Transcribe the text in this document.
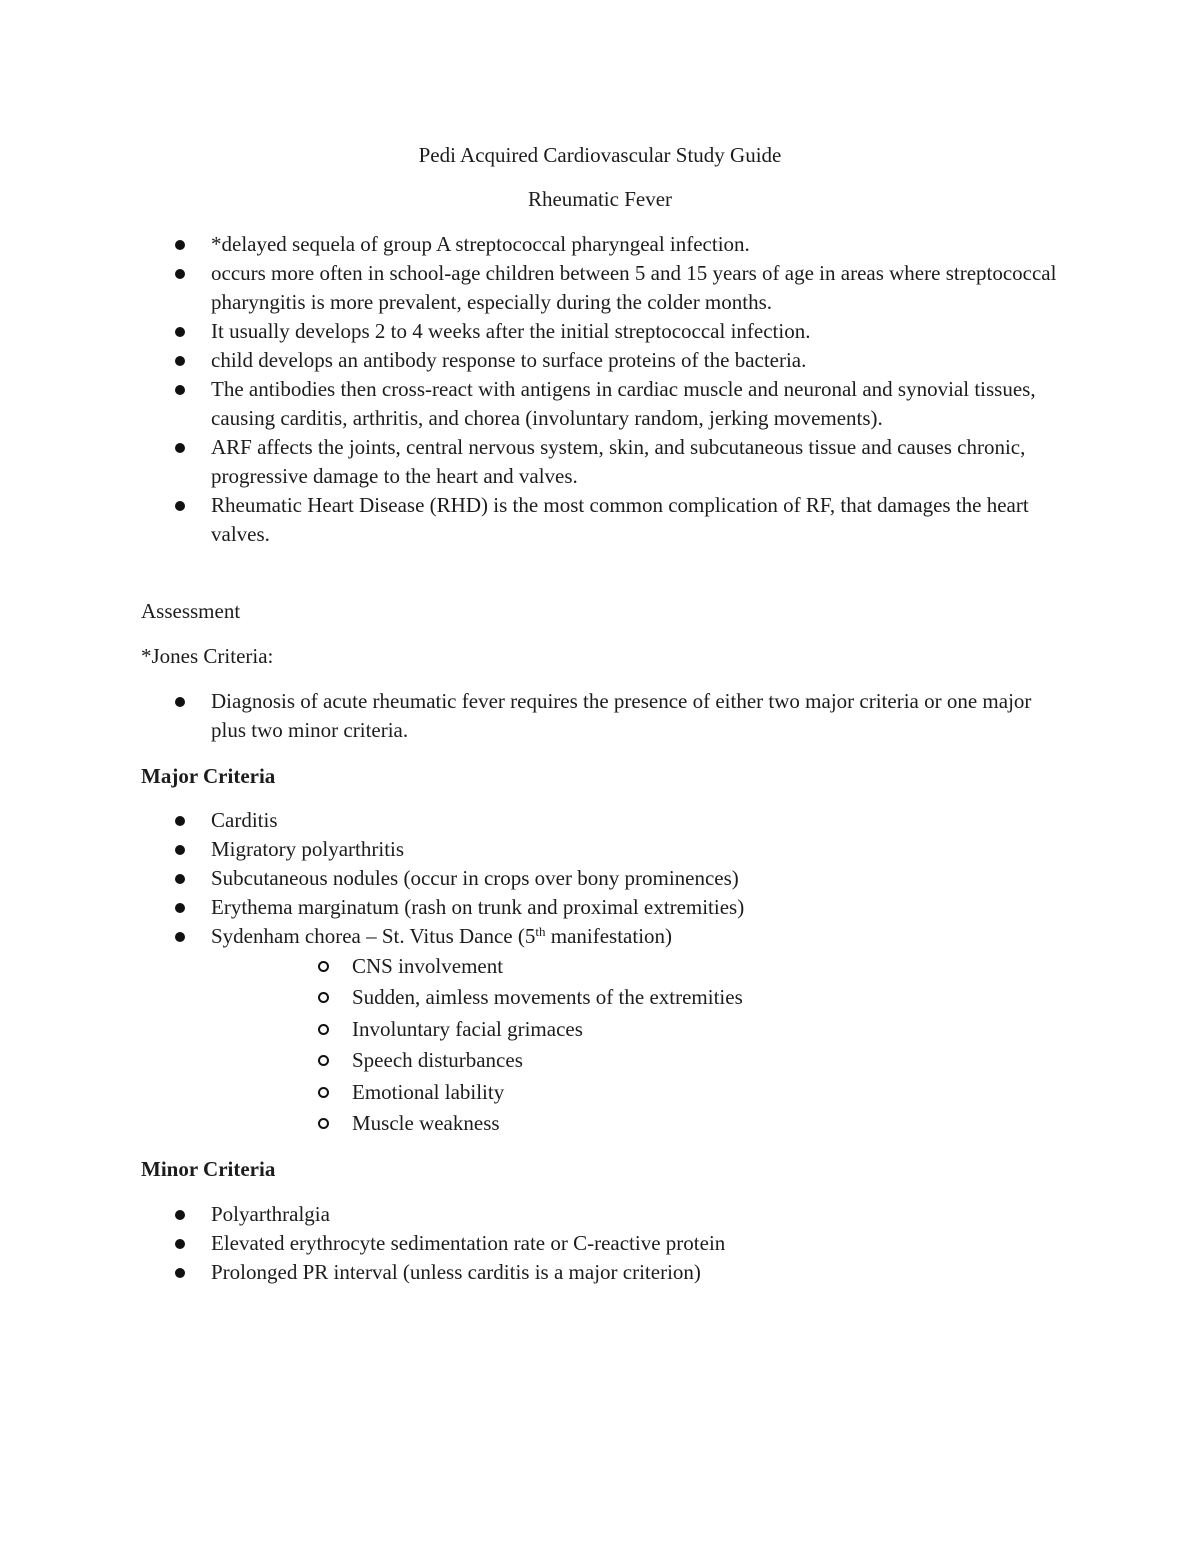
Pedi Acquired Cardiovascular Study Guide

Rheumatic Fever

*delayed sequela of group A streptococcal pharyngeal infection.
occurs more often in school-age children between 5 and 15 years of age in areas where streptococcal pharyngitis is more prevalent, especially during the colder months.
It usually develops 2 to 4 weeks after the initial streptococcal infection.
child develops an antibody response to surface proteins of the bacteria.
The antibodies then cross-react with antigens in cardiac muscle and neuronal and synovial tissues, causing carditis, arthritis, and chorea (involuntary random, jerking movements).
ARF affects the joints, central nervous system, skin, and subcutaneous tissue and causes chronic, progressive damage to the heart and valves.
Rheumatic Heart Disease (RHD) is the most common complication of RF, that damages the heart valves.

Assessment

*Jones Criteria:

Diagnosis of acute rheumatic fever requires the presence of either two major criteria or one major plus two minor criteria.

Major Criteria

Carditis
Migratory polyarthritis
Subcutaneous nodules (occur in crops over bony prominences)
Erythema marginatum (rash on trunk and proximal extremities)
Sydenham chorea – St. Vitus Dance (5th manifestation)
CNS involvement
Sudden, aimless movements of the extremities
Involuntary facial grimaces
Speech disturbances
Emotional lability
Muscle weakness

Minor Criteria

Polyarthralgia
Elevated erythrocyte sedimentation rate or C-reactive protein
Prolonged PR interval (unless carditis is a major criterion)
